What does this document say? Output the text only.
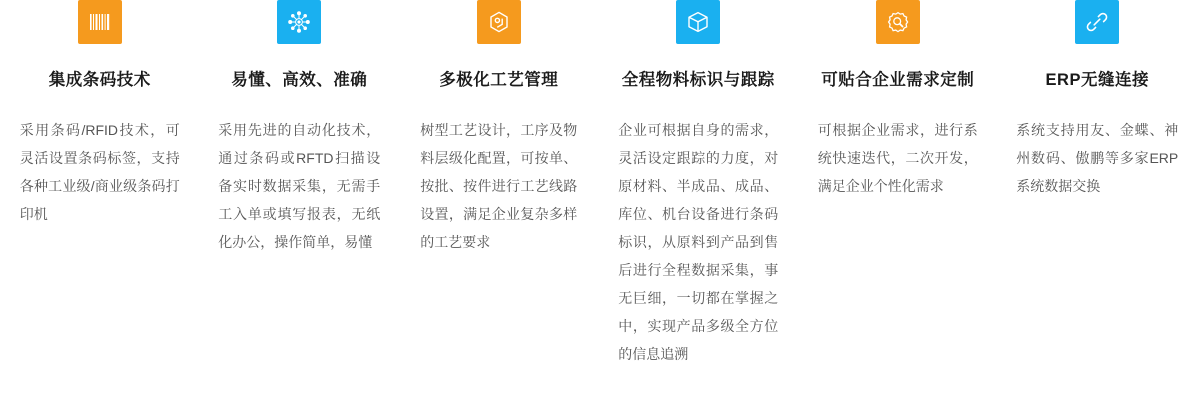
集成条码技术
采用条码/RFID技术，可灵活设置条码标签，支持各种工业级/商业级条码打印机
易懂、高效、准确
采用先进的自动化技术，通过条码或RFTD扫描设备实时数据采集，无需手工入单或填写报表，无纸化办公，操作简单，易懂
多极化工艺管理
树型工艺设计，工序及物料层级化配置，可按单、按批、按件进行工艺线路设置，满足企业复杂多样的工艺要求
全程物料标识与跟踪
企业可根据自身的需求，灵活设定跟踪的力度，对原材料、半成品、成品、库位、机台设备进行条码标识，从原料到产品到售后进行全程数据采集，事无巨细，一切都在掌握之中，实现产品多级全方位的信息追溯
可贴合企业需求定制
可根据企业需求，进行系统快速迭代，二次开发，满足企业个性化需求
ERP无缝连接
系统支持用友、金蝶、神州数码、傲鹏等多家ERP系统数据交换
